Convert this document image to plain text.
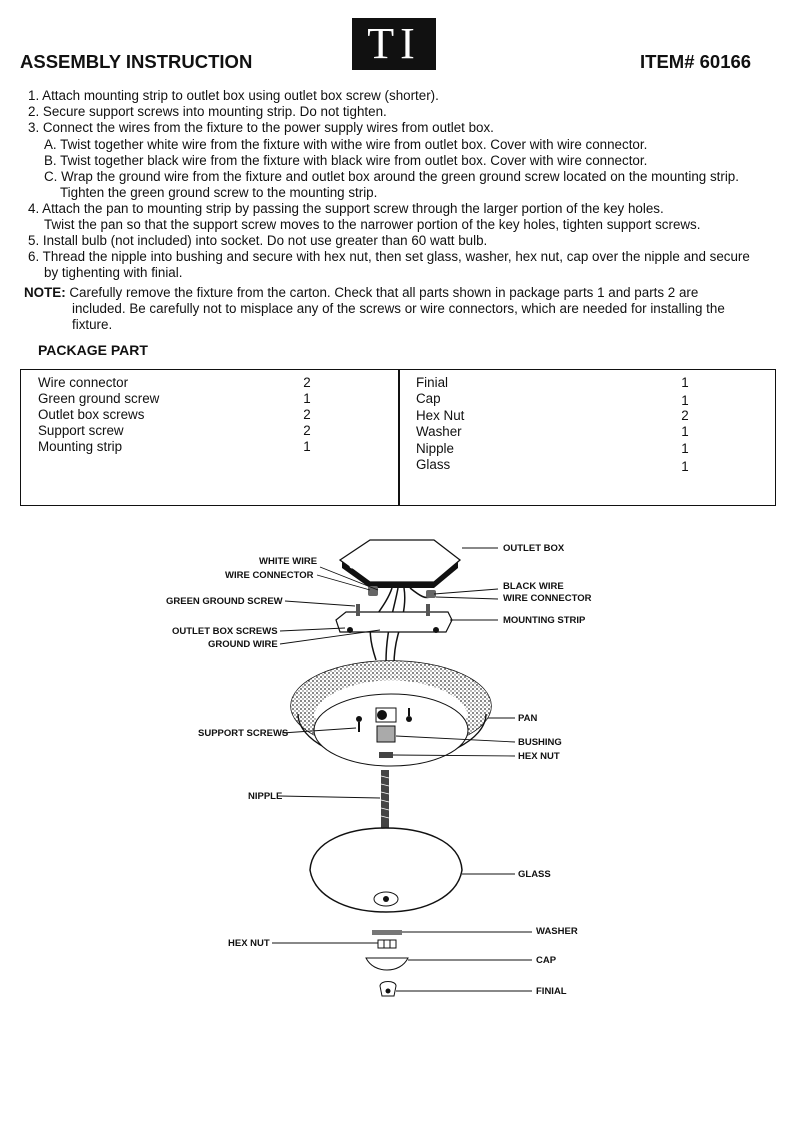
TI
ASSEMBLY INSTRUCTION	ITEM# 60166
1. Attach mounting strip to outlet box using outlet box screw (shorter).
2. Secure support screws into mounting strip. Do not tighten.
3. Connect the wires from the fixture to the power supply wires from outlet box.
A. Twist together white wire from the fixture with withe wire from outlet box. Cover with wire connector.
B. Twist together black wire from the fixture with black wire from outlet box. Cover with wire connector.
C. Wrap the ground wire from the fixture and outlet box around the green ground screw located on the mounting strip.
Tighten the green ground screw to the mounting strip.
4. Attach the pan to mounting strip by passing the support screw through the larger portion of the key holes.
Twist the pan so that the support screw moves to the narrower portion of the key holes, tighten support screws.
5. Install bulb (not included) into socket. Do not use greater than 60 watt bulb.
6. Thread the nipple into bushing and secure with hex nut, then set glass, washer, hex nut, cap over the nipple and secure
by tighenting with finial.
NOTE: Carefully remove the fixture from the carton. Check that all parts shown in package parts 1 and parts 2 are
included. Be carefully not to misplace any of the screws or wire connectors, which are needed for installing the
fixture.
PACKAGE PART
Wire connector	2
Green ground screw	1
Outlet box screws	2
Support screw	2
Mounting strip	1
Finial	1
Cap	1
Hex Nut	2
Washer	1
Nipple	1
Glass	1
WHITE WIRE
WIRE CONNECTOR
GREEN GROUND SCREW
OUTLET BOX SCREWS
GROUND WIRE
SUPPORT SCREWS
NIPPLE
HEX NUT
OUTLET BOX
BLACK WIRE
WIRE CONNECTOR
MOUNTING STRIP
PAN
BUSHING
HEX NUT
GLASS
WASHER
CAP
FINIAL
